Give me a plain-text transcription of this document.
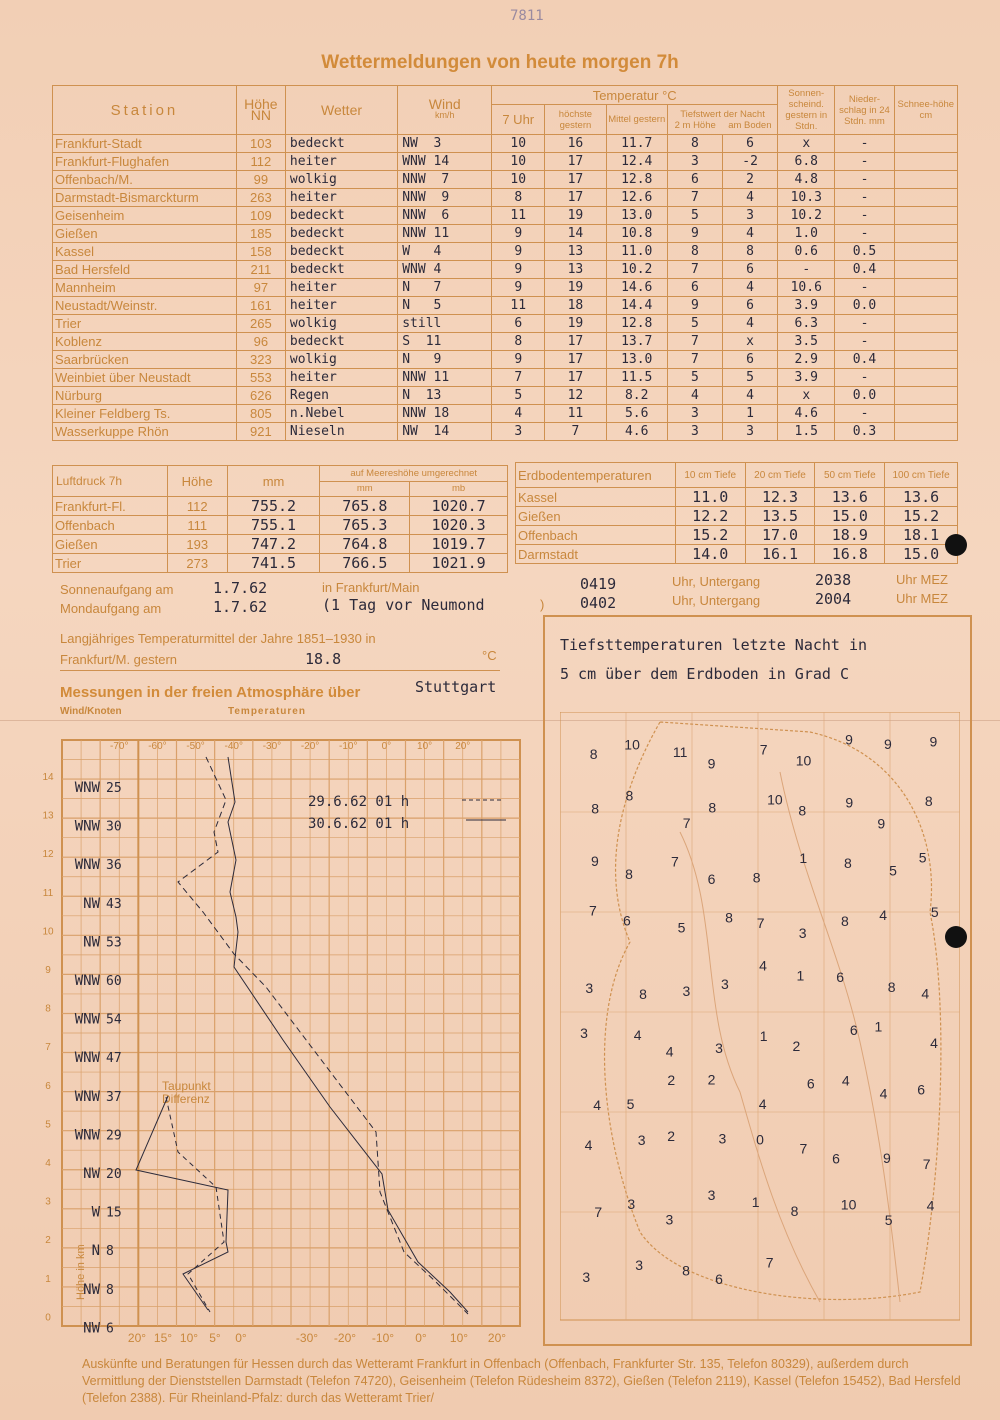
7811
Wettermeldungen von heute morgen 7h
Station	Höhe NN	Wetter	Wind
km/h	Temperatur °C					Sonnen-scheind. gestern in Stdn.	Nieder-schlag in 24 Stdn. mm	Schnee-höhe cm
				7 Uhr	höchste gestern	Mittel gestern	Tiefstwert der Nacht
2 m Höhe am Boden				

Frankfurt-Stadt	103	bedeckt	NW  3	10	16	11.7	8	6	x	-	
Frankfurt-Flughafen	112	heiter	WNW 14	10	17	12.4	3	-2	6.8	-	
Offenbach/M.	99	wolkig	NNW  7	10	17	12.8	6	2	4.8	-	
Darmstadt-Bismarckturm	263	heiter	NNW  9	8	17	12.6	7	4	10.3	-	
Geisenheim	109	bedeckt	NNW  6	11	19	13.0	5	3	10.2	-	
Gießen	185	bedeckt	NNW 11	9	14	10.8	9	4	1.0	-	
Kassel	158	bedeckt	W   4	9	13	11.0	8	8	0.6	0.5	
Bad Hersfeld	211	bedeckt	WNW 4	9	13	10.2	7	6	-	0.4	
Mannheim	97	heiter	N   7	9	19	14.6	6	4	10.6	-	
Neustadt/Weinstr.	161	heiter	N   5	11	18	14.4	9	6	3.9	0.0	
Trier	265	wolkig	still	6	19	12.8	5	4	6.3	-	
Koblenz	96	bedeckt	S  11	8	17	13.7	7	x	3.5	-	
Saarbrücken	323	wolkig	N   9	9	17	13.0	7	6	2.9	0.4	
Weinbiet über Neustadt	553	heiter	NNW 11	7	17	11.5	5	5	3.9	-	
Nürburg	626	Regen	N  13	5	12	8.2	4	4	x	0.0	
Kleiner Feldberg Ts.	805	n.Nebel	NNW 18	4	11	5.6	3	1	4.6	-	
Wasserkuppe Rhön	921	Nieseln	NW  14	3	7	4.6	3	3	1.5	0.3	
Luftdruck 7h	Höhe	mm	auf Meereshöhe umgerechnet	
			mm	mb
Frankfurt-Fl.	112	755.2	765.8	1020.7
Offenbach	111	755.1	765.3	1020.3
Gießen	193	747.2	764.8	1019.7
Trier	273	741.5	766.5	1021.9
Erdbodentemperaturen	10 cm Tiefe	20 cm Tiefe	50 cm Tiefe	100 cm Tiefe
Kassel	11.0	12.3	13.6	13.6
Gießen	12.2	13.5	15.0	15.2
Offenbach	15.2	17.0	18.9	18.1
Darmstadt	14.0	16.1	16.8	15.0
Sonnenaufgang am	1.7.62	in Frankfurt/Main	0419	Uhr, Untergang	2038	Uhr MEZ
Mondaufgang am	1.7.62	(1 Tag vor Neumond	) 0402	Uhr, Untergang	2004	Uhr MEZ
Langjähriges Temperaturmittel der Jahre 1851–1930 in
Frankfurt/M. gestern	18.8	°C
Messungen in der freien Atmosphäre über	Stuttgart
Wind/Knoten	Temperaturen
-70° -60° -50° -40° -30° -20° -10° 0°	10° 20°
14
13
12
11
10
9
8
7
6
5
4
3
2
1
0
WNW 25
WNW 30
WNW 36
NW 43
NW 53
WNW 60
WNW 54
WNW 47
WNW 37
WNW 29
NW 20
W 15
N 8
NW 8
NW 6
20° 15° 10° 5° 0°	-30° -20° -10° 0° 10° 20°
29.6.62 01 h
30.6.62 01 h
Taupunkt
Differenz
Höhe in km
Tiefsttemperaturen letzte Nacht in
5 cm über dem Erdboden in Grad C
8
10 11
9
7
10
9 9	9
8
8
7
8	10
8
9
9
8
9
8
7
6	8
1	8	5
5
7
6	5
8 7
3
8 4	5
3	8	3 3
4
1 6
8 4
3	4
4	3
1
2
6 1
4
4 5
2 2
4
6 4
4 6
4	3 2	3 0
7
6	9 7
7
3
3
3	1
8	10
5
4
3
3	8
6
7
Auskünfte und Beratungen für Hessen durch das Wetteramt Frankfurt in Offenbach (Offenbach, Frankfurter Str. 135, Telefon 80329), außerdem durch Vermittlung der Dienststellen Darmstadt (Telefon 74720), Geisenheim (Telefon Rüdesheim 8372), Gießen (Telefon 2119), Kassel (Telefon 15452), Bad Hersfeld (Telefon 2388). Für Rheinland-Pfalz: durch das Wetteramt Trier/
